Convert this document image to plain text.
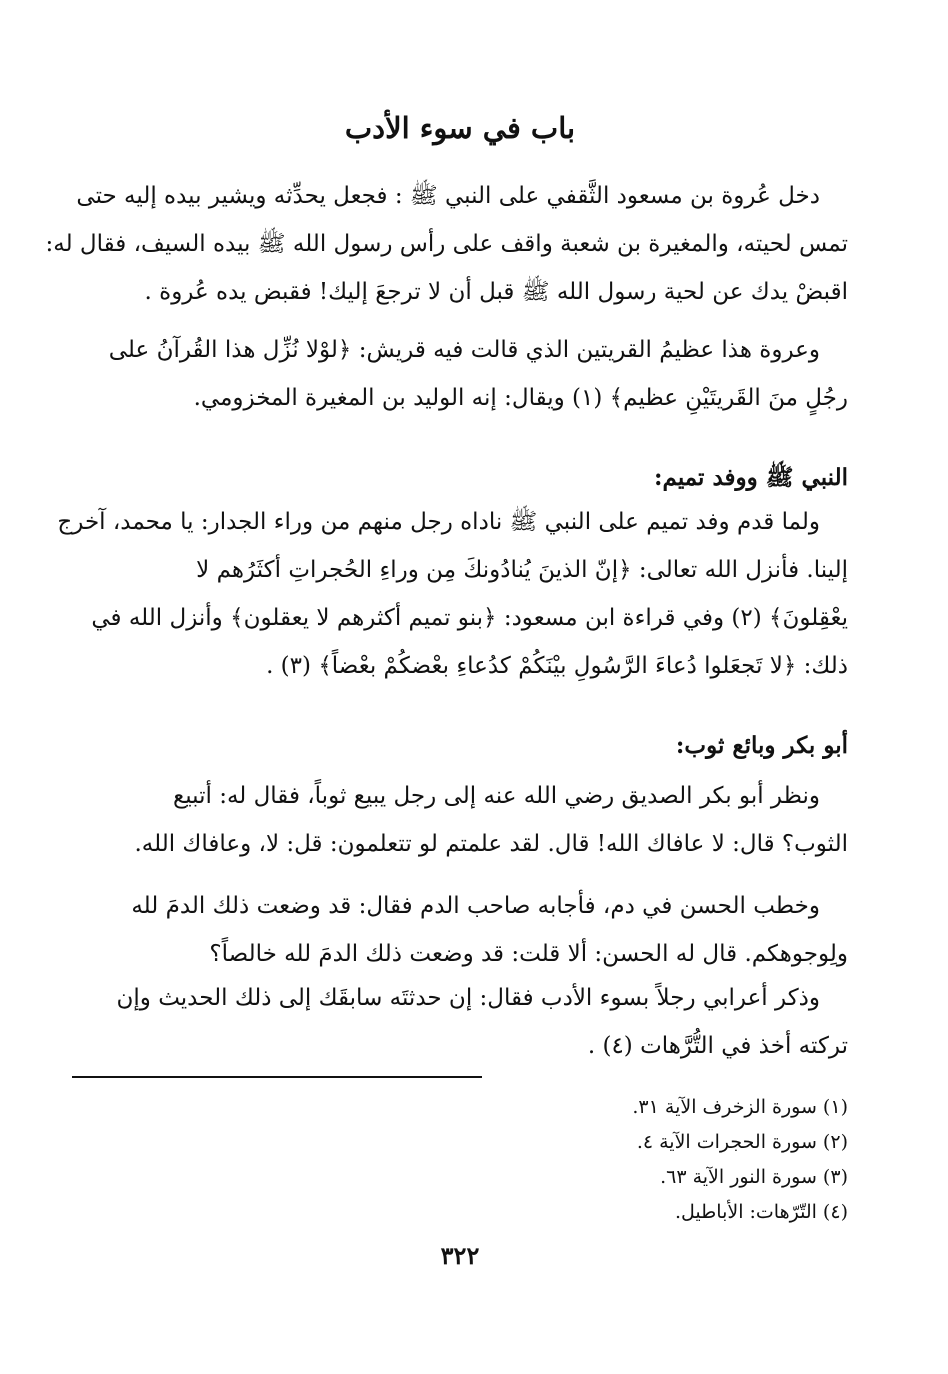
باب في سوء الأدب

دخل عُروة بن مسعود الثَّقفي على النبي ﷺ : فجعل يحدِّثه ويشير بيده إليه حتى
تمس لحيته، والمغيرة بن شعبة واقف على رأس رسول الله ﷺ بيده السيف، فقال له:
اقبضْ يدك عن لحية رسول الله ﷺ قبل أن لا ترجعَ إليك! فقبض يده عُروة .

وعروة هذا عظيمُ القريتين الذي قالت فيه قريش: ﴿لوْلا نُزِّل هذا القُرآنُ على
رجُلٍ منَ القَريتَيْنِ عظيم﴾ (١) ويقال: إنه الوليد بن المغيرة المخزومي.

النبي ﷺ ووفد تميم:

ولما قدم وفد تميم على النبي ﷺ ناداه رجل منهم من وراء الجدار: يا محمد، آخرج
إلينا. فأنزل الله تعالى: ﴿إنّ الذينَ يُنادُونكَ مِن وراءِ الحُجراتِ أكثَرُهم لا
يعْقِلونَ﴾ (٢) وفي قراءة ابن مسعود: ﴿بنو تميم أكثرهم لا يعقلون﴾ وأنزل الله في
ذلك: ﴿لا تَجعَلوا دُعاءَ الرَّسُولِ بيْنَكُمْ كدُعاءِ بعْضكُمْ بعْضاً﴾ (٣) .

أبو بكر وبائع ثوب:

ونظر أبو بكر الصديق رضي الله عنه إلى رجل يبيع ثوباً، فقال له: أتبيع
الثوب؟ قال: لا عافاك الله! قال. لقد علمتم لو تتعلمون: قل: لا، وعافاك الله.

وخطب الحسن في دم، فأجابه صاحب الدم فقال: قد وضعت ذلك الدمَ لله
ولِوجوهكم. قال له الحسن: ألا قلت: قد وضعت ذلك الدمَ لله خالصاً؟

وذكر أعرابي رجلاً بسوء الأدب فقال: إن حدثتَه سابقَك إلى ذلك الحديث وإن
تركته أخذ في التُّرَّهات (٤) .

(١) سورة الزخرف الآية ٣١.
(٢) سورة الحجرات الآية ٤.
(٣) سورة النور الآية ٦٣.
(٤) التّرّهات: الأباطيل.
٣٢٢
